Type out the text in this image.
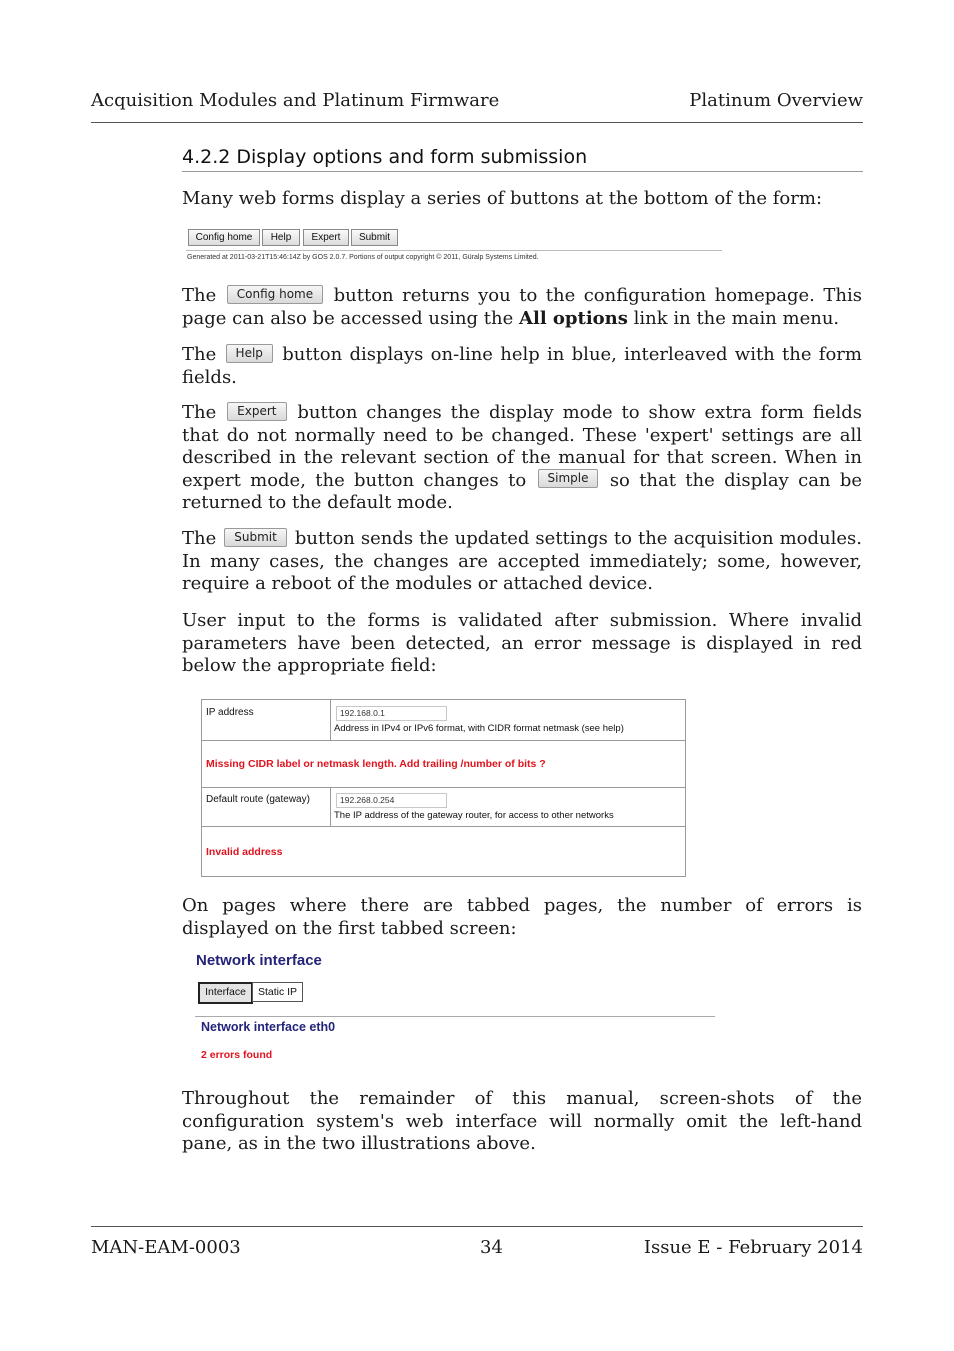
Acquisition Modules and Platinum Firmware	Platinum Overview
4.2.2 Display options and form submission

Many web forms display a series of buttons at the bottom of the form:

Config home	Help	Expert	Submit
Generated at 2011-03-21T15:46:14Z by GOS 2.0.7. Portions of output copyright © 2011, Güralp Systems Limited.

The Config home button returns you to the configuration homepage. This page can also be accessed using the All options link in the main menu.

The Help button displays on-line help in blue, interleaved with the form fields.

The Expert button changes the display mode to show extra form fields that do not normally need to be changed. These 'expert' settings are all described in the relevant section of the manual for that screen. When in expert mode, the button changes to Simple so that the display can be returned to the default mode.

The Submit button sends the updated settings to the acquisition modules. In many cases, the changes are accepted immediately; some, however, require a reboot of the modules or attached device.

User input to the forms is validated after submission. Where invalid parameters have been detected, an error message is displayed in red below the appropriate field:

IP address	192.168.0.1
Address in IPv4 or IPv6 format, with CIDR format netmask (see help)
Missing CIDR label or netmask length. Add trailing /number of bits ?
Default route (gateway)	192.268.0.254
The IP address of the gateway router, for access to other networks
Invalid address

On pages where there are tabbed pages, the number of errors is displayed on the first tabbed screen:

Network interface
Interface	Static IP
Network interface eth0
2 errors found

Throughout the remainder of this manual, screen-shots of the configuration system's web interface will normally omit the left-hand pane, as in the two illustrations above.

MAN-EAM-0003	34	Issue E - February 2014
